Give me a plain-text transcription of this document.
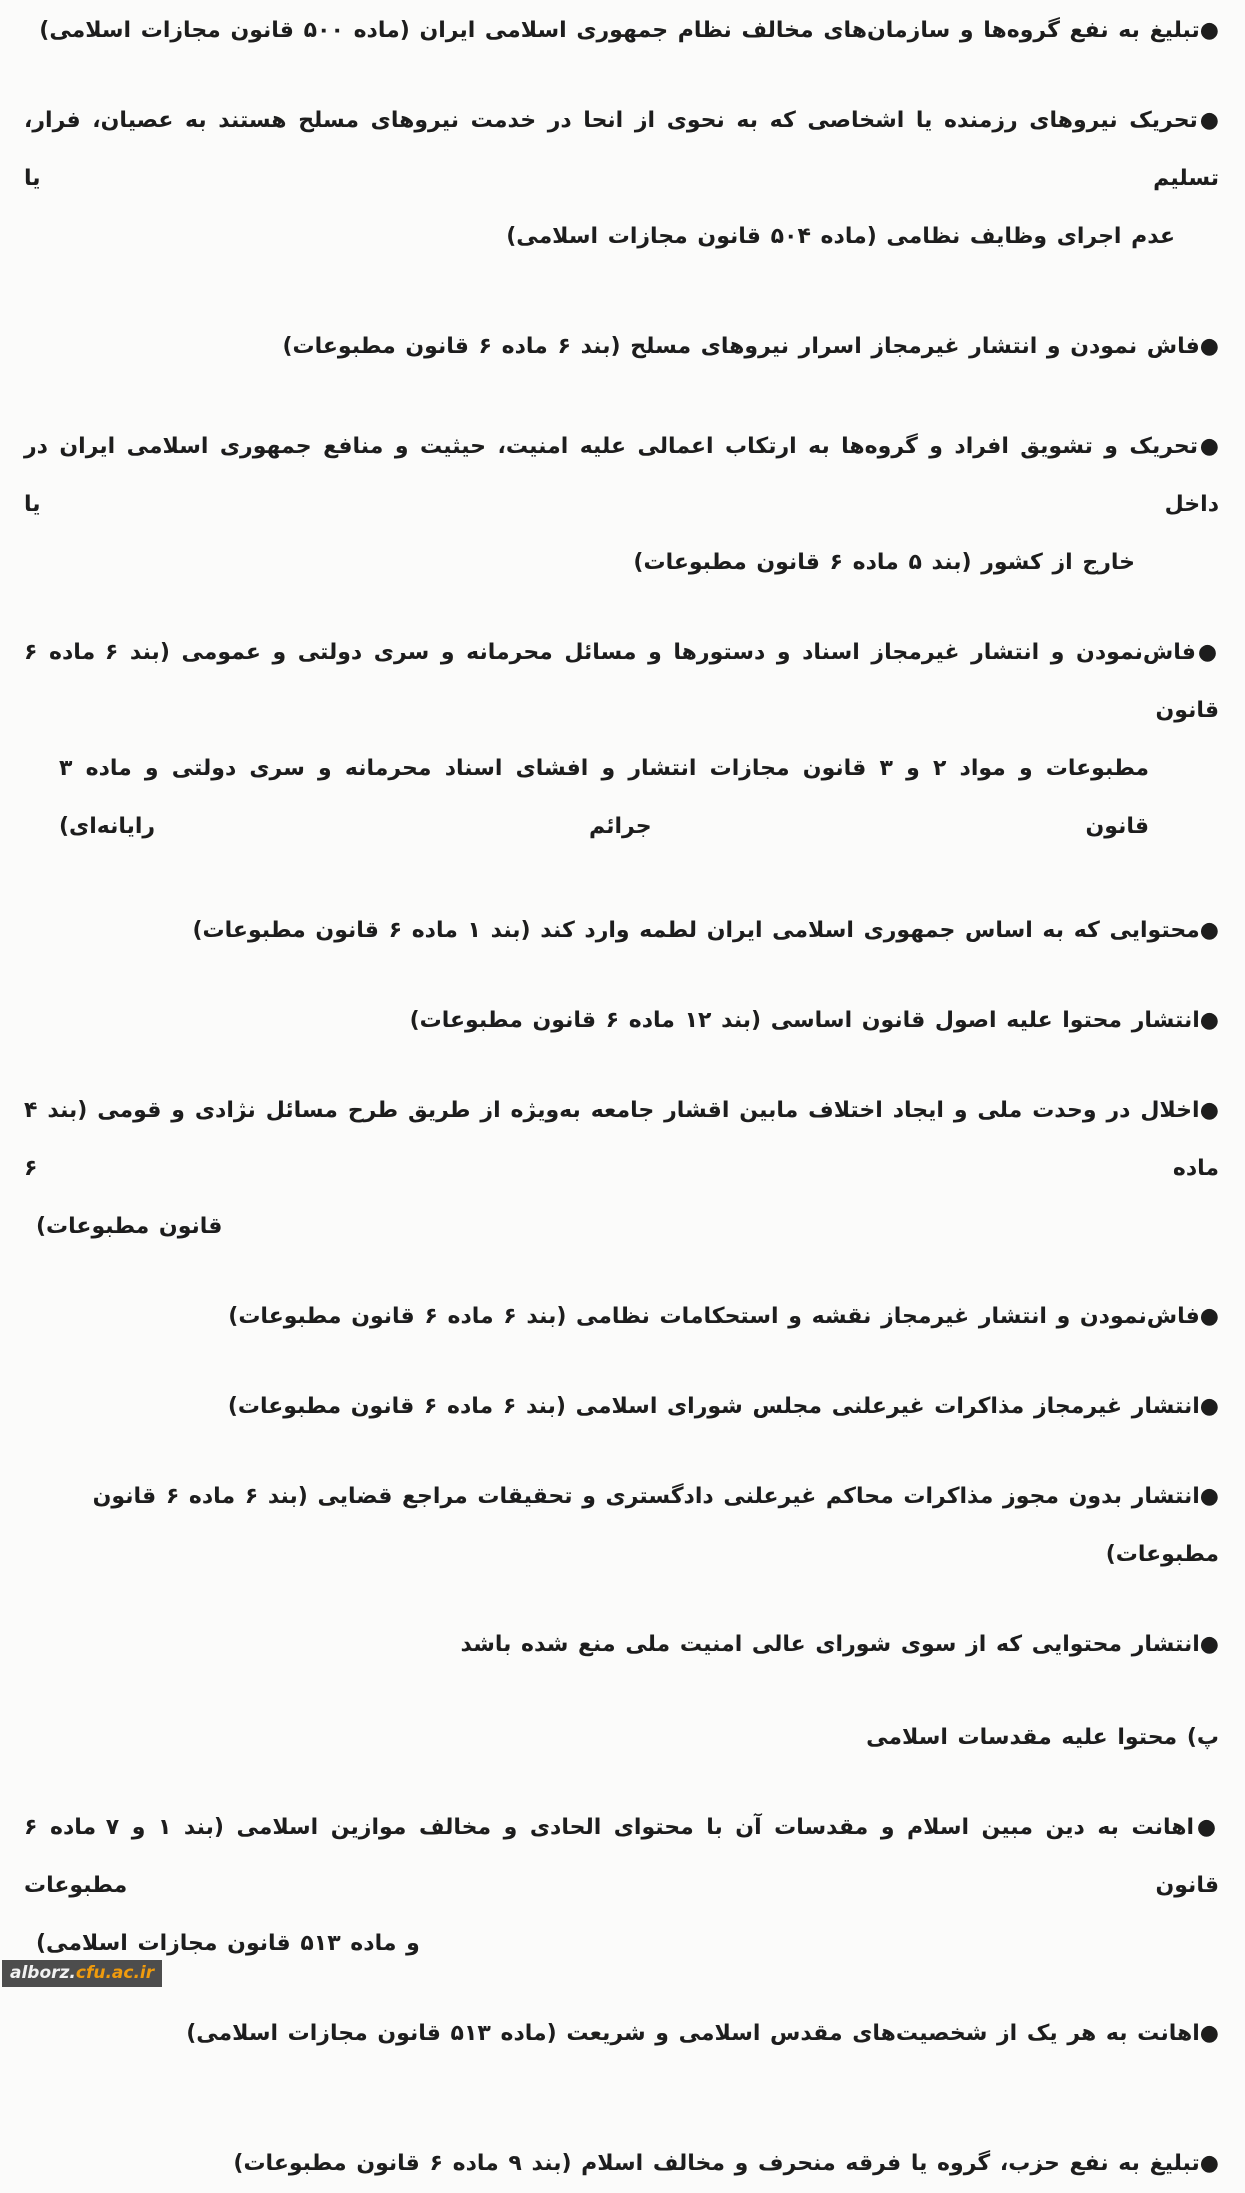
●تبلیغ به نفع گروه‌ها و سازمان‌های مخالف نظام جمهوری اسلامی ایران (ماده ۵۰۰ قانون مجازات اسلامی)
●تحریک نیروهای رزمنده یا اشخاصی که به نحوی از انحا در خدمت نیروهای مسلح هستند به عصیان، فرار، تسلیم یا
عدم اجرای وظایف نظامی (ماده ۵۰۴ قانون مجازات اسلامی)
●فاش نمودن و انتشار غیرمجاز اسرار نیروهای مسلح (بند ۶ ماده ۶ قانون مطبوعات)
●تحریک و تشویق افراد و گروه‌ها به ارتکاب اعمالی علیه امنیت، حیثیت و منافع جمهوری اسلامی ایران در داخل یا
خارج از کشور (بند ۵ ماده ۶ قانون مطبوعات)
●فاش‌نمودن و انتشار غیرمجاز اسناد و دستورها و مسائل محرمانه و سری دولتی و عمومی (بند ۶ ماده ۶ قانون
مطبوعات و مواد ۲ و ۳ قانون مجازات انتشار و افشای اسناد محرمانه و سری دولتی و ماده ۳ قانون جرائم رایانه‌ای)
●محتوایی که به اساس جمهوری اسلامی ایران لطمه وارد کند (بند ۱ ماده ۶ قانون مطبوعات)
●انتشار محتوا علیه اصول قانون اساسی (بند ۱۲ ماده ۶ قانون مطبوعات)
●اخلال در وحدت ملی و ایجاد اختلاف مابین اقشار جامعه به‌ویژه از طریق طرح مسائل نژادی و قومی (بند ۴ ماده ۶
قانون مطبوعات)
●فاش‌نمودن و انتشار غیرمجاز نقشه و استحکامات نظامی (بند ۶ ماده ۶ قانون مطبوعات)
●انتشار غیرمجاز مذاکرات غیرعلنی مجلس شورای اسلامی (بند ۶ ماده ۶ قانون مطبوعات)
●انتشار بدون مجوز مذاکرات محاکم غیرعلنی دادگستری و تحقیقات مراجع قضایی (بند ۶ ماده ۶ قانون مطبوعات)
●انتشار محتوایی که از سوی شورای عالی امنیت ملی منع شده باشد
پ) محتوا علیه مقدسات اسلامی
●اهانت به دین مبین اسلام و مقدسات آن با محتوای الحادی و مخالف موازین اسلامی (بند ۱ و ۷ ماده ۶ قانون مطبوعات
و ماده ۵۱۳ قانون مجازات اسلامی)
●اهانت به هر یک از شخصیت‌های مقدس اسلامی و شریعت (ماده ۵۱۳ قانون مجازات اسلامی)
●تبلیغ به نفع حزب، گروه یا فرقه منحرف و مخالف اسلام (بند ۹ ماده ۶ قانون مطبوعات)
alborz.cfu.ac.ir
